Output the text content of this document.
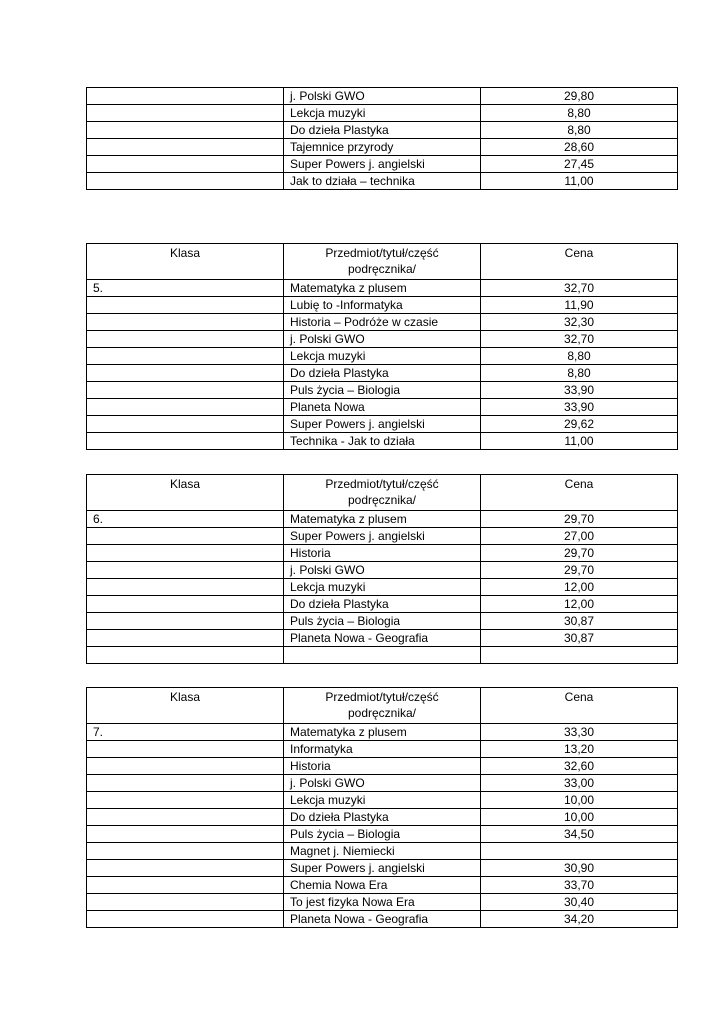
	j. Polski GWO	29,80
	Lekcja muzyki	8,80
	Do dzieła Plastyka	8,80
	Tajemnice przyrody	28,60
	Super Powers j. angielski	27,45
	Jak to działa – technika	11,00
Klasa	Przedmiot/tytuł/część podręcznika/	Cena
5.	Matematyka z plusem	32,70
	Lubię to -Informatyka	11,90
	Historia – Podróże w czasie	32,30
	j. Polski GWO	32,70
	Lekcja muzyki	8,80
	Do dzieła Plastyka	8,80
	Puls życia – Biologia	33,90
	Planeta Nowa	33,90
	Super Powers j. angielski	29,62
	Technika - Jak to działa	11,00
Klasa	Przedmiot/tytuł/część podręcznika/	Cena
6.	Matematyka z plusem	29,70
	Super Powers j. angielski	27,00
	Historia	29,70
	j. Polski GWO	29,70
	Lekcja muzyki	12,00
	Do dzieła Plastyka	12,00
	Puls życia – Biologia	30,87
	Planeta Nowa - Geografia	30,87

Klasa	Przedmiot/tytuł/część podręcznika/	Cena
7.	Matematyka z plusem	33,30
	Informatyka	13,20
	Historia	32,60
	j. Polski GWO	33,00
	Lekcja muzyki	10,00
	Do dzieła Plastyka	10,00
	Puls życia – Biologia	34,50
	Magnet j. Niemiecki	
	Super Powers j. angielski	30,90
	Chemia Nowa Era	33,70
	To jest fizyka Nowa Era	30,40
	Planeta Nowa - Geografia	34,20
